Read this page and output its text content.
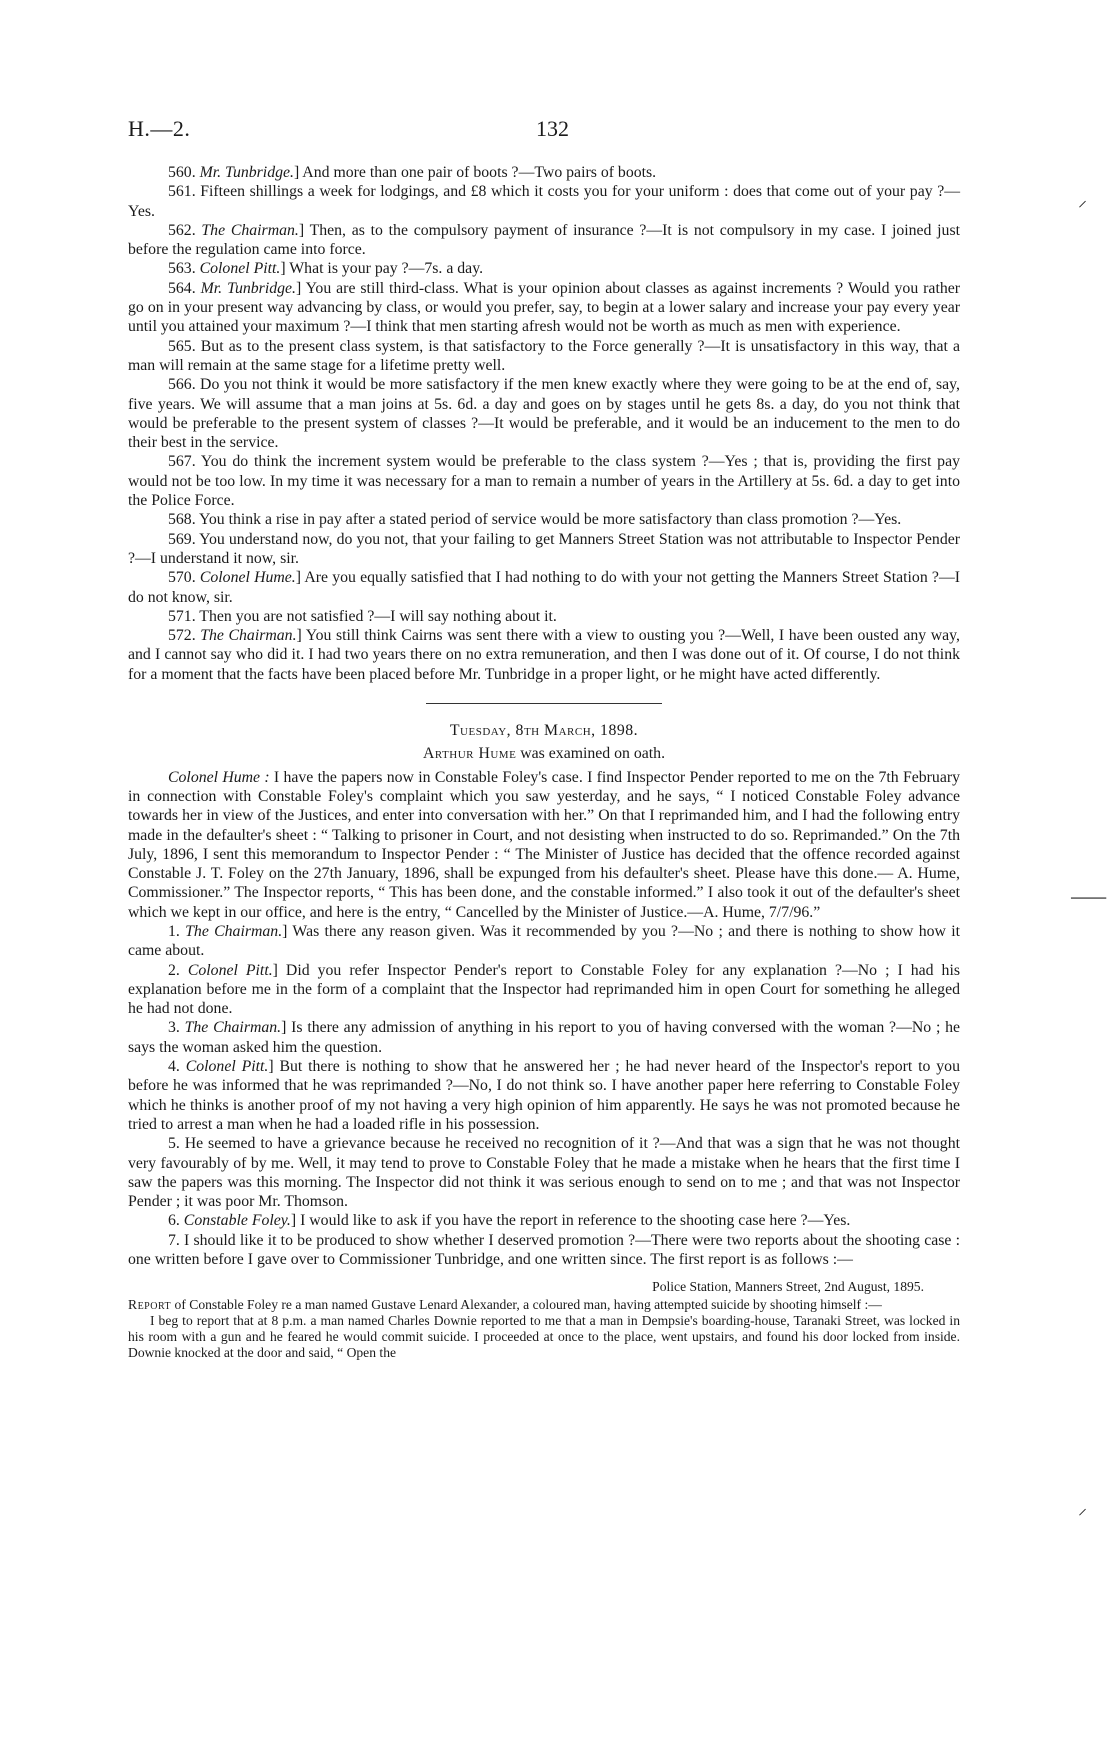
H.—2.	132

560. Mr. Tunbridge.] And more than one pair of boots ?—Two pairs of boots.

561. Fifteen shillings a week for lodgings, and £8 which it costs you for your uniform : does that come out of your pay ?—Yes.

562. The Chairman.] Then, as to the compulsory payment of insurance ?—It is not compulsory in my case. I joined just before the regulation came into force.

563. Colonel Pitt.] What is your pay ?—7s. a day.

564. Mr. Tunbridge.] You are still third-class. What is your opinion about classes as against increments ? Would you rather go on in your present way advancing by class, or would you prefer, say, to begin at a lower salary and increase your pay every year until you attained your maximum ?—I think that men starting afresh would not be worth as much as men with experience.

565. But as to the present class system, is that satisfactory to the Force generally ?—It is unsatisfactory in this way, that a man will remain at the same stage for a lifetime pretty well.

566. Do you not think it would be more satisfactory if the men knew exactly where they were going to be at the end of, say, five years. We will assume that a man joins at 5s. 6d. a day and goes on by stages until he gets 8s. a day, do you not think that would be preferable to the present system of classes ?—It would be preferable, and it would be an inducement to the men to do their best in the service.

567. You do think the increment system would be preferable to the class system ?—Yes ; that is, providing the first pay would not be too low. In my time it was necessary for a man to remain a number of years in the Artillery at 5s. 6d. a day to get into the Police Force.

568. You think a rise in pay after a stated period of service would be more satisfactory than class promotion ?—Yes.

569. You understand now, do you not, that your failing to get Manners Street Station was not attributable to Inspector Pender ?—I understand it now, sir.

570. Colonel Hume.] Are you equally satisfied that I had nothing to do with your not getting the Manners Street Station ?—I do not know, sir.

571. Then you are not satisfied ?—I will say nothing about it.

572. The Chairman.] You still think Cairns was sent there with a view to ousting you ?—Well, I have been ousted any way, and I cannot say who did it. I had two years there on no extra remuneration, and then I was done out of it. Of course, I do not think for a moment that the facts have been placed before Mr. Tunbridge in a proper light, or he might have acted differently.

Tuesday, 8th March, 1898.

Arthur Hume was examined on oath.

Colonel Hume : I have the papers now in Constable Foley's case. I find Inspector Pender reported to me on the 7th February in connection with Constable Foley's complaint which you saw yesterday, and he says, “ I noticed Constable Foley advance towards her in view of the Justices, and enter into conversation with her.” On that I reprimanded him, and I had the following entry made in the defaulter's sheet : “ Talking to prisoner in Court, and not desisting when instructed to do so. Reprimanded.” On the 7th July, 1896, I sent this memorandum to Inspector Pender : “ The Minister of Justice has decided that the offence recorded against Constable J. T. Foley on the 27th January, 1896, shall be expunged from his defaulter's sheet. Please have this done.— A. Hume, Commissioner.” The Inspector reports, “ This has been done, and the constable informed.” I also took it out of the defaulter's sheet which we kept in our office, and here is the entry, “ Cancelled by the Minister of Justice.—A. Hume, 7/7/96.”

1. The Chairman.] Was there any reason given. Was it recommended by you ?—No ; and there is nothing to show how it came about.

2. Colonel Pitt.] Did you refer Inspector Pender's report to Constable Foley for any explanation ?—No ; I had his explanation before me in the form of a complaint that the Inspector had reprimanded him in open Court for something he alleged he had not done.

3. The Chairman.] Is there any admission of anything in his report to you of having conversed with the woman ?—No ; he says the woman asked him the question.

4. Colonel Pitt.] But there is nothing to show that he answered her ; he had never heard of the Inspector's report to you before he was informed that he was reprimanded ?—No, I do not think so. I have another paper here referring to Constable Foley which he thinks is another proof of my not having a very high opinion of him apparently. He says he was not promoted because he tried to arrest a man when he had a loaded rifle in his possession.

5. He seemed to have a grievance because he received no recognition of it ?—And that was a sign that he was not thought very favourably of by me. Well, it may tend to prove to Constable Foley that he made a mistake when he hears that the first time I saw the papers was this morning. The Inspector did not think it was serious enough to send on to me ; and that was not Inspector Pender ; it was poor Mr. Thomson.

6. Constable Foley.] I would like to ask if you have the report in reference to the shooting case here ?—Yes.

7. I should like it to be produced to show whether I deserved promotion ?—There were two reports about the shooting case : one written before I gave over to Commissioner Tunbridge, and one written since. The first report is as follows :—

Police Station, Manners Street, 2nd August, 1895.

Report of Constable Foley re a man named Gustave Lenard Alexander, a coloured man, having attempted suicide by shooting himself :—

I beg to report that at 8 p.m. a man named Charles Downie reported to me that a man in Dempsie's boarding-house, Taranaki Street, was locked in his room with a gun and he feared he would commit suicide. I proceeded at once to the place, went upstairs, and found his door locked from inside. Downie knocked at the door and said, “ Open the

⸝
⸺
⸝
